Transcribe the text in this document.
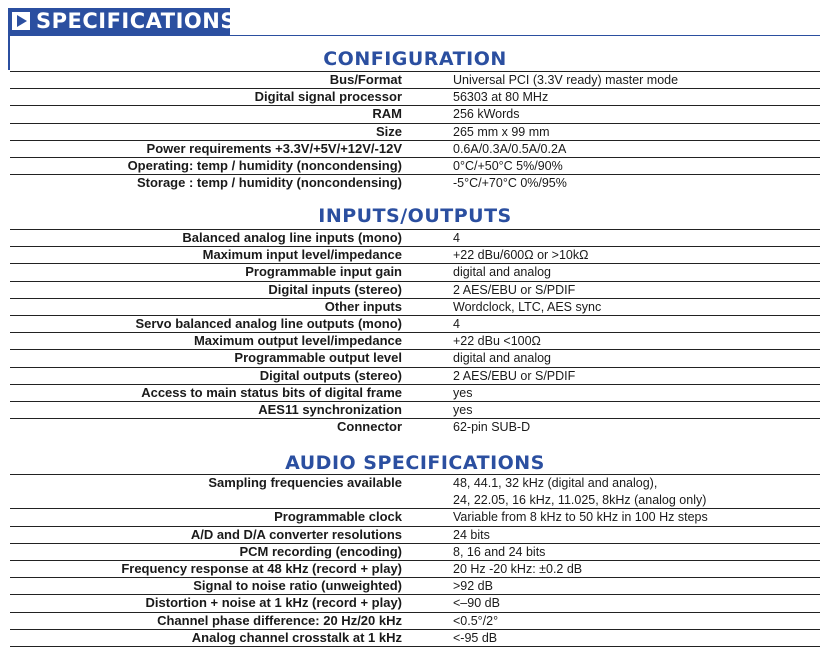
SPECIFICATIONS
CONFIGURATION
Bus/Format	Universal PCI (3.3V ready) master mode
Digital signal processor	56303 at 80 MHz
RAM	256 kWords
Size	265 mm x 99 mm
Power requirements +3.3V/+5V/+12V/-12V	0.6A/0.3A/0.5A/0.2A
Operating: temp / humidity (noncondensing)	0°C/+50°C 5%/90%
Storage : temp / humidity (noncondensing)	-5°C/+70°C 0%/95%
INPUTS/OUTPUTS
Balanced analog line inputs (mono)	4
Maximum input level/impedance	+22 dBu/600Ω or >10kΩ
Programmable input gain	digital and analog
Digital inputs (stereo)	2 AES/EBU or S/PDIF
Other inputs	Wordclock, LTC, AES sync
Servo balanced analog line outputs (mono)	4
Maximum output level/impedance	+22 dBu <100Ω
Programmable output level	digital and analog
Digital outputs (stereo)	2 AES/EBU or S/PDIF
Access to main status bits of digital frame	yes
AES11 synchronization	yes
Connector	62-pin SUB-D
AUDIO SPECIFICATIONS
Sampling frequencies available	48, 44.1, 32 kHz (digital and analog),
24, 22.05, 16 kHz, 11.025, 8kHz (analog only)
Programmable clock	Variable from 8 kHz to 50 kHz in 100 Hz steps
A/D and D/A converter resolutions	24 bits
PCM recording (encoding)	8, 16 and 24 bits
Frequency response at 48 kHz (record + play)	20 Hz -20 kHz: ±0.2 dB
Signal to noise ratio (unweighted)	>92 dB
Distortion + noise at 1 kHz (record + play)	<–90 dB
Channel phase difference: 20 Hz/20 kHz	<0.5°/2°
Analog channel crosstalk at 1 kHz	<-95 dB
